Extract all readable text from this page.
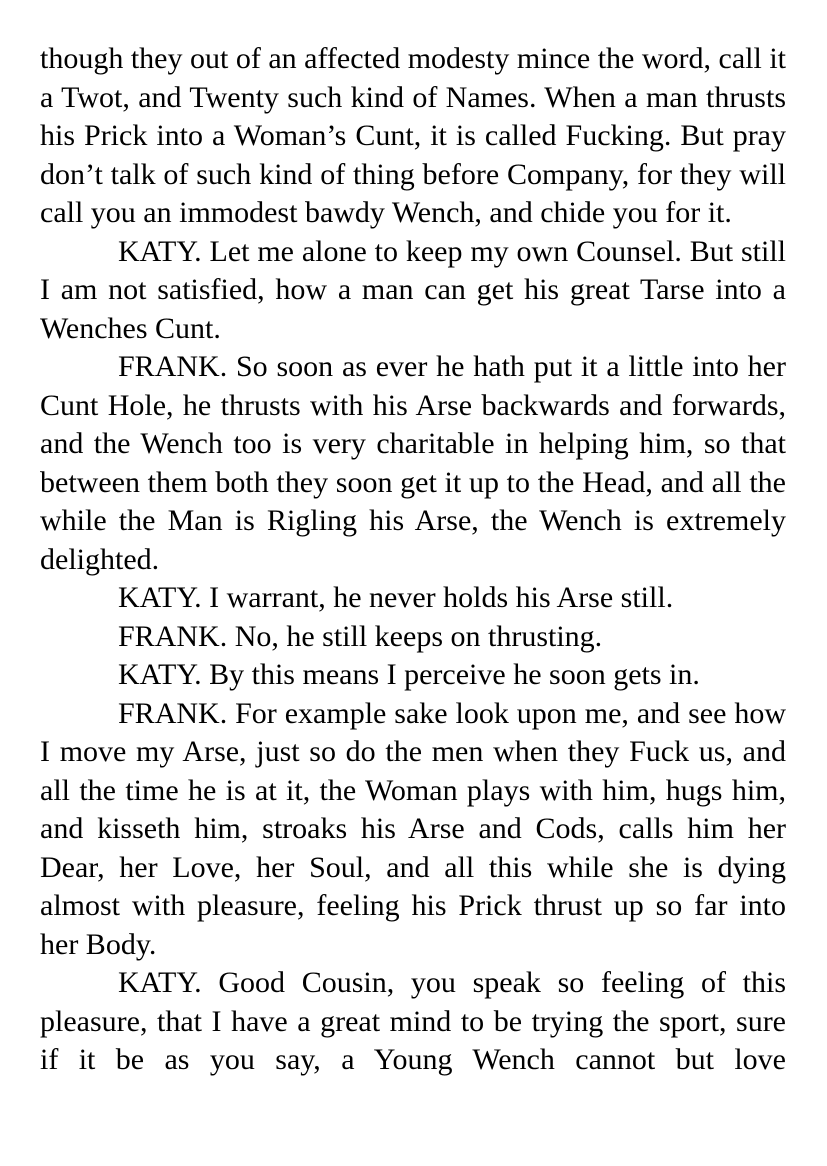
though they out of an affected modesty mince the word, call it a Twot, and Twenty such kind of Names. When a man thrusts his Prick into a Woman’s Cunt, it is called Fucking. But pray don’t talk of such kind of thing before Company, for they will call you an immodest bawdy Wench, and chide you for it.

KATY. Let me alone to keep my own Counsel. But still I am not satisfied, how a man can get his great Tarse into a Wenches Cunt.

FRANK. So soon as ever he hath put it a little into her Cunt Hole, he thrusts with his Arse backwards and forwards, and the Wench too is very charitable in helping him, so that between them both they soon get it up to the Head, and all the while the Man is Rigling his Arse, the Wench is extremely delighted.

KATY. I warrant, he never holds his Arse still.

FRANK. No, he still keeps on thrusting.

KATY. By this means I perceive he soon gets in.

FRANK. For example sake look upon me, and see how I move my Arse, just so do the men when they Fuck us, and all the time he is at it, the Woman plays with him, hugs him, and kisseth him, stroaks his Arse and Cods, calls him her Dear, her Love, her Soul, and all this while she is dying almost with pleasure, feeling his Prick thrust up so far into her Body.

KATY. Good Cousin, you speak so feeling of this pleasure, that I have a great mind to be trying the sport, sure if it be as you say, a Young Wench cannot but love
